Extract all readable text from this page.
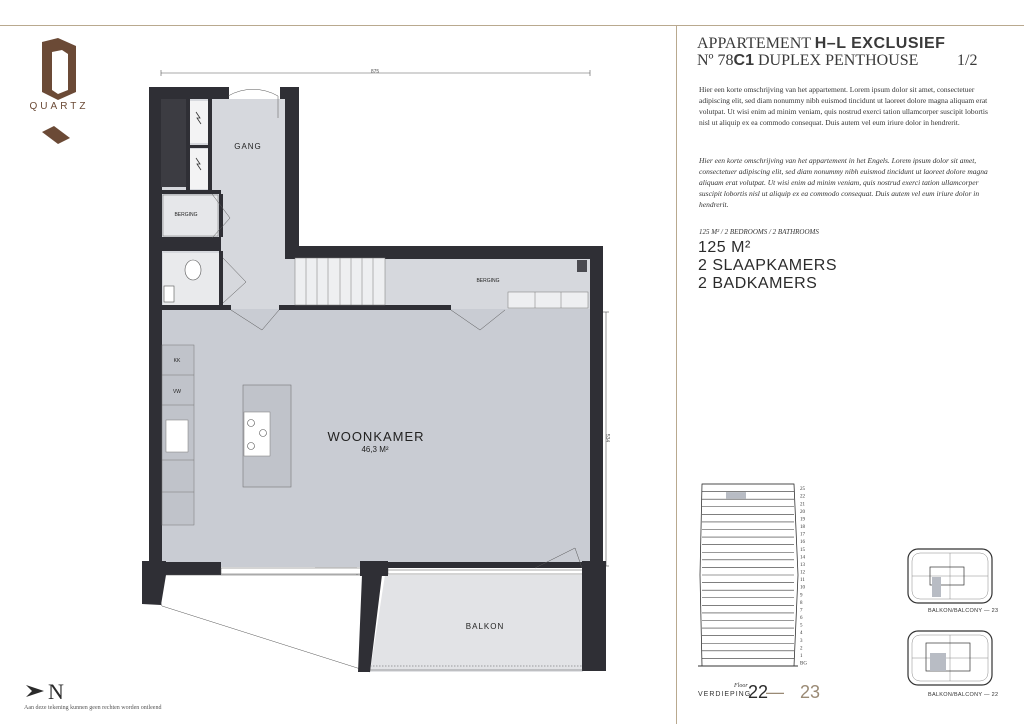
QUARTZ
GANG
BERGING
BERGING
KK
VW
WOONKAMER
46,3 M²
BALKON
875
534
N
Aan deze tekening kunnen geen rechten worden ontleend
APPARTEMENT H–L EXCLUSIEF
Nº 78C1 DUPLEX PENTHOUSE 1/2
Hier een korte omschrijving van het appartement. Lorem ipsum dolor sit amet, consectetuer adipiscing elit, sed diam nonummy nibh euismod tincidunt ut laoreet dolore magna aliquam erat volutpat. Ut wisi enim ad minim veniam, quis nostrud exerci tation ullamcorper suscipit lobortis nisl ut aliquip ex ea commodo consequat. Duis autem vel eum iriure dolor in hendrerit.
Hier een korte omschrijving van het appartement in het Engels. Lorem ipsum dolor sit amet, consectetuer adipiscing elit, sed diam nonummy nibh euismod tincidunt ut laoreet dolore magna aliquam erat volutpat. Ut wisi enim ad minim veniam, quis nostrud exerci tation ullamcorper suscipit lobortis nisl ut aliquip ex ea commodo consequat. Duis autem vel eum iriure dolor in hendrerit.
125 M² / 2 BEDROOMS / 2 BATHROOMS
125 M²
2 SLAAPKAMERS
2 BADKAMERS
25
22
21
20
19
18
17
16
15
14
13
12
11
10
9
8
7
6
5
4
3
2
1
BG
Floor
VERDIEPING
22
— 23
BALKON/BALCONY — 23
BALKON/BALCONY — 22
